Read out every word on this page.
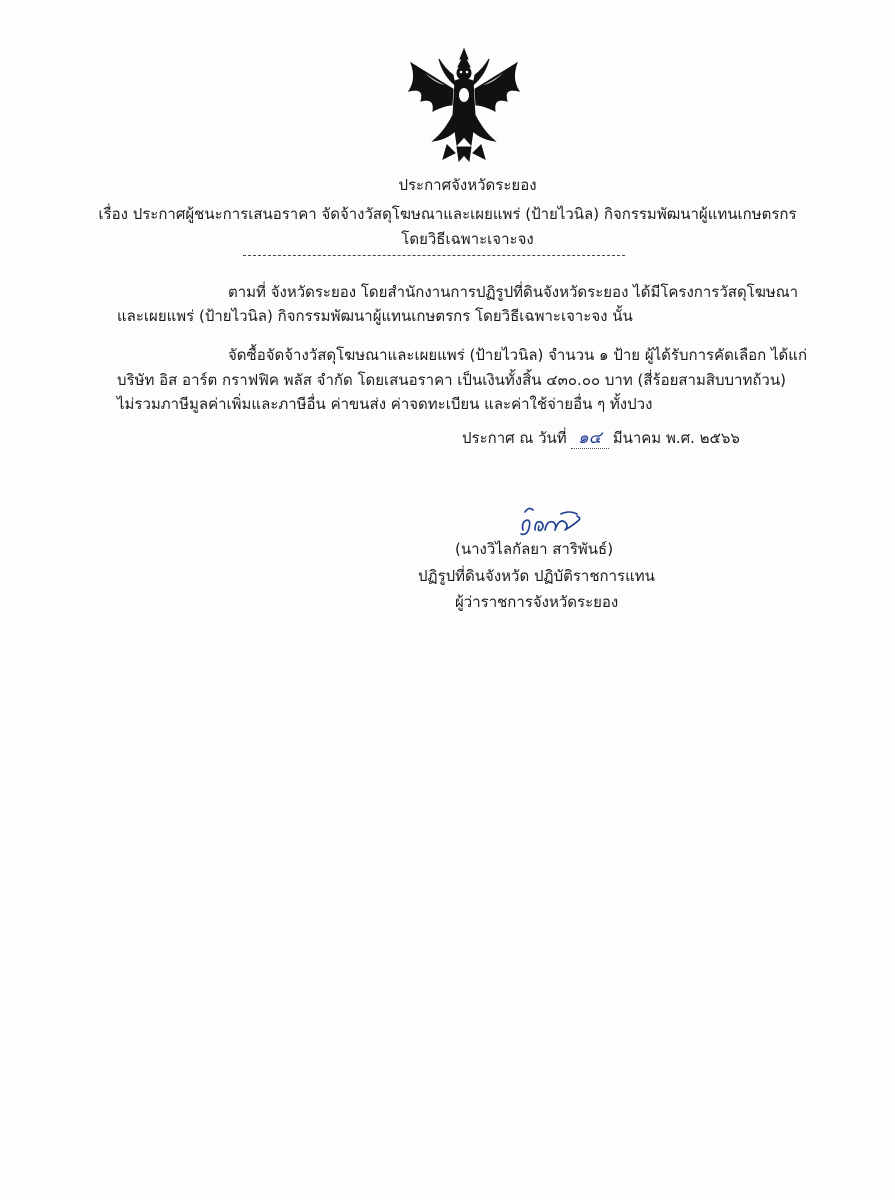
ประกาศจังหวัดระยอง
เรื่อง ประกาศผู้ชนะการเสนอราคา จัดจ้างวัสดุโฆษณาและเผยแพร่ (ป้ายไวนิล) กิจกรรมพัฒนาผู้แทนเกษตรกร
โดยวิธีเฉพาะเจาะจง
ตามที่ จังหวัดระยอง โดยสำนักงานการปฏิรูปที่ดินจังหวัดระยอง ได้มีโครงการวัสดุโฆษณา
และเผยแพร่ (ป้ายไวนิล) กิจกรรมพัฒนาผู้แทนเกษตรกร โดยวิธีเฉพาะเจาะจง นั้น
จัดซื้อจัดจ้างวัสดุโฆษณาและเผยแพร่ (ป้ายไวนิล) จำนวน ๑ ป้าย ผู้ได้รับการคัดเลือก ได้แก่
บริษัท อิส อาร์ต กราฟฟิค พลัส จำกัด โดยเสนอราคา เป็นเงินทั้งสิ้น ๔๓๐.๐๐ บาท (สี่ร้อยสามสิบบาทถ้วน)
ไม่รวมภาษีมูลค่าเพิ่มและภาษีอื่น ค่าขนส่ง ค่าจดทะเบียน และค่าใช้จ่ายอื่น ๆ ทั้งปวง
ประกาศ ณ วันที่ ๑๔ มีนาคม พ.ศ. ๒๕๖๖
(นางวิไลกัลยา สาริพันธ์)
ปฏิรูปที่ดินจังหวัด ปฏิบัติราชการแทน
ผู้ว่าราชการจังหวัดระยอง
